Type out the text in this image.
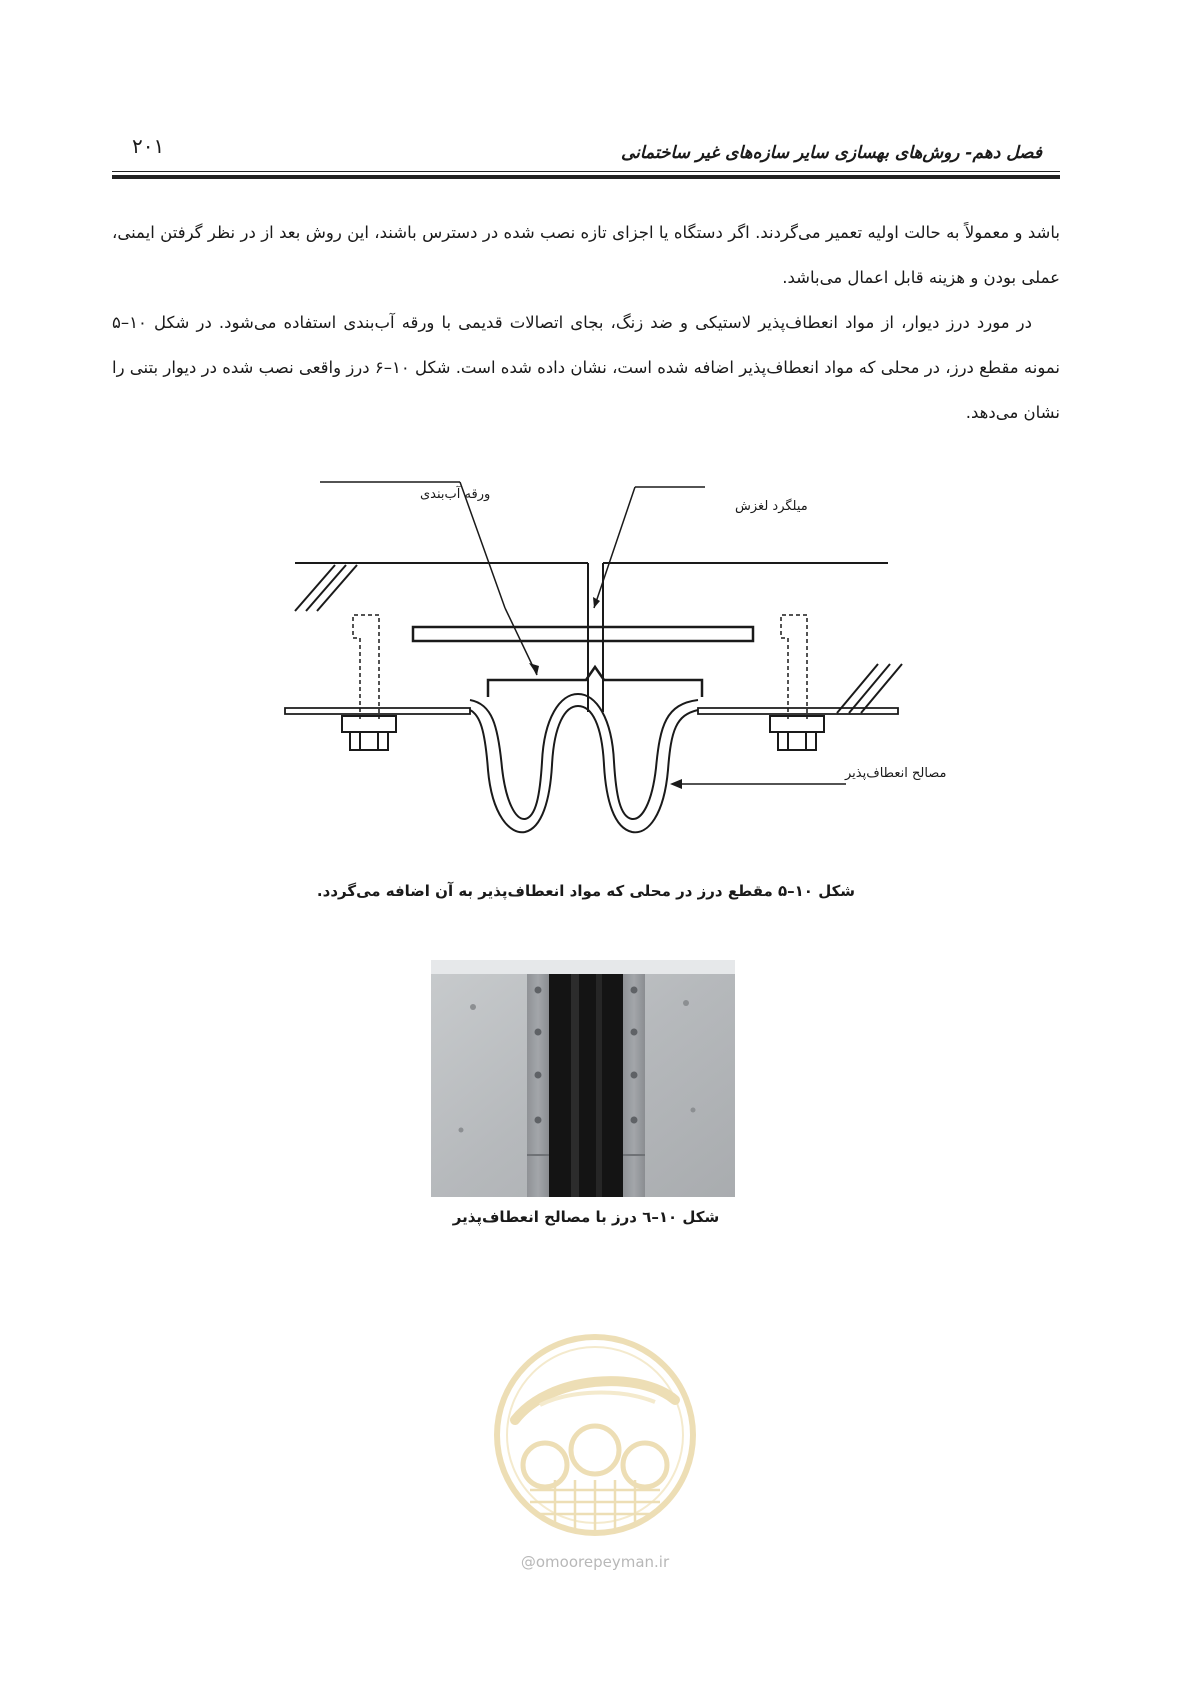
۲۰۱	فصل دهم- روش‌های بهسازی سایر سازه‌های غیر ساختمانی

باشد و معمولاً به حالت اولیه تعمیر می‌گردند. اگر دستگاه یا اجزای تازه نصب شده در دسترس باشند، این روش بعد از در نظر گرفتن ایمنی، عملی بودن و هزینه قابل اعمال می‌باشد.

در مورد درز دیوار، از مواد انعطاف‌پذیر لاستیکی و ضد زنگ، بجای اتصالات قدیمی با ورقه آب‌بندی استفاده می‌شود. در شکل ۱۰–۵ نمونه مقطع درز، در محلی که مواد انعطاف‌پذیر اضافه شده است، نشان داده شده است. شکل ۱۰–۶ درز واقعی نصب شده در دیوار بتنی را نشان می‌دهد.

ورقه آب‌بندی
میلگرد لغزش
مصالح انعطاف‌پذیر
شکل ۱۰–۵ مقطع درز در محلی که مواد انعطاف‌پذیر به آن اضافه می‌گردد.
شکل ۱۰–٦ درز با مصالح انعطاف‌پذیر
@omoorepeyman.ir
